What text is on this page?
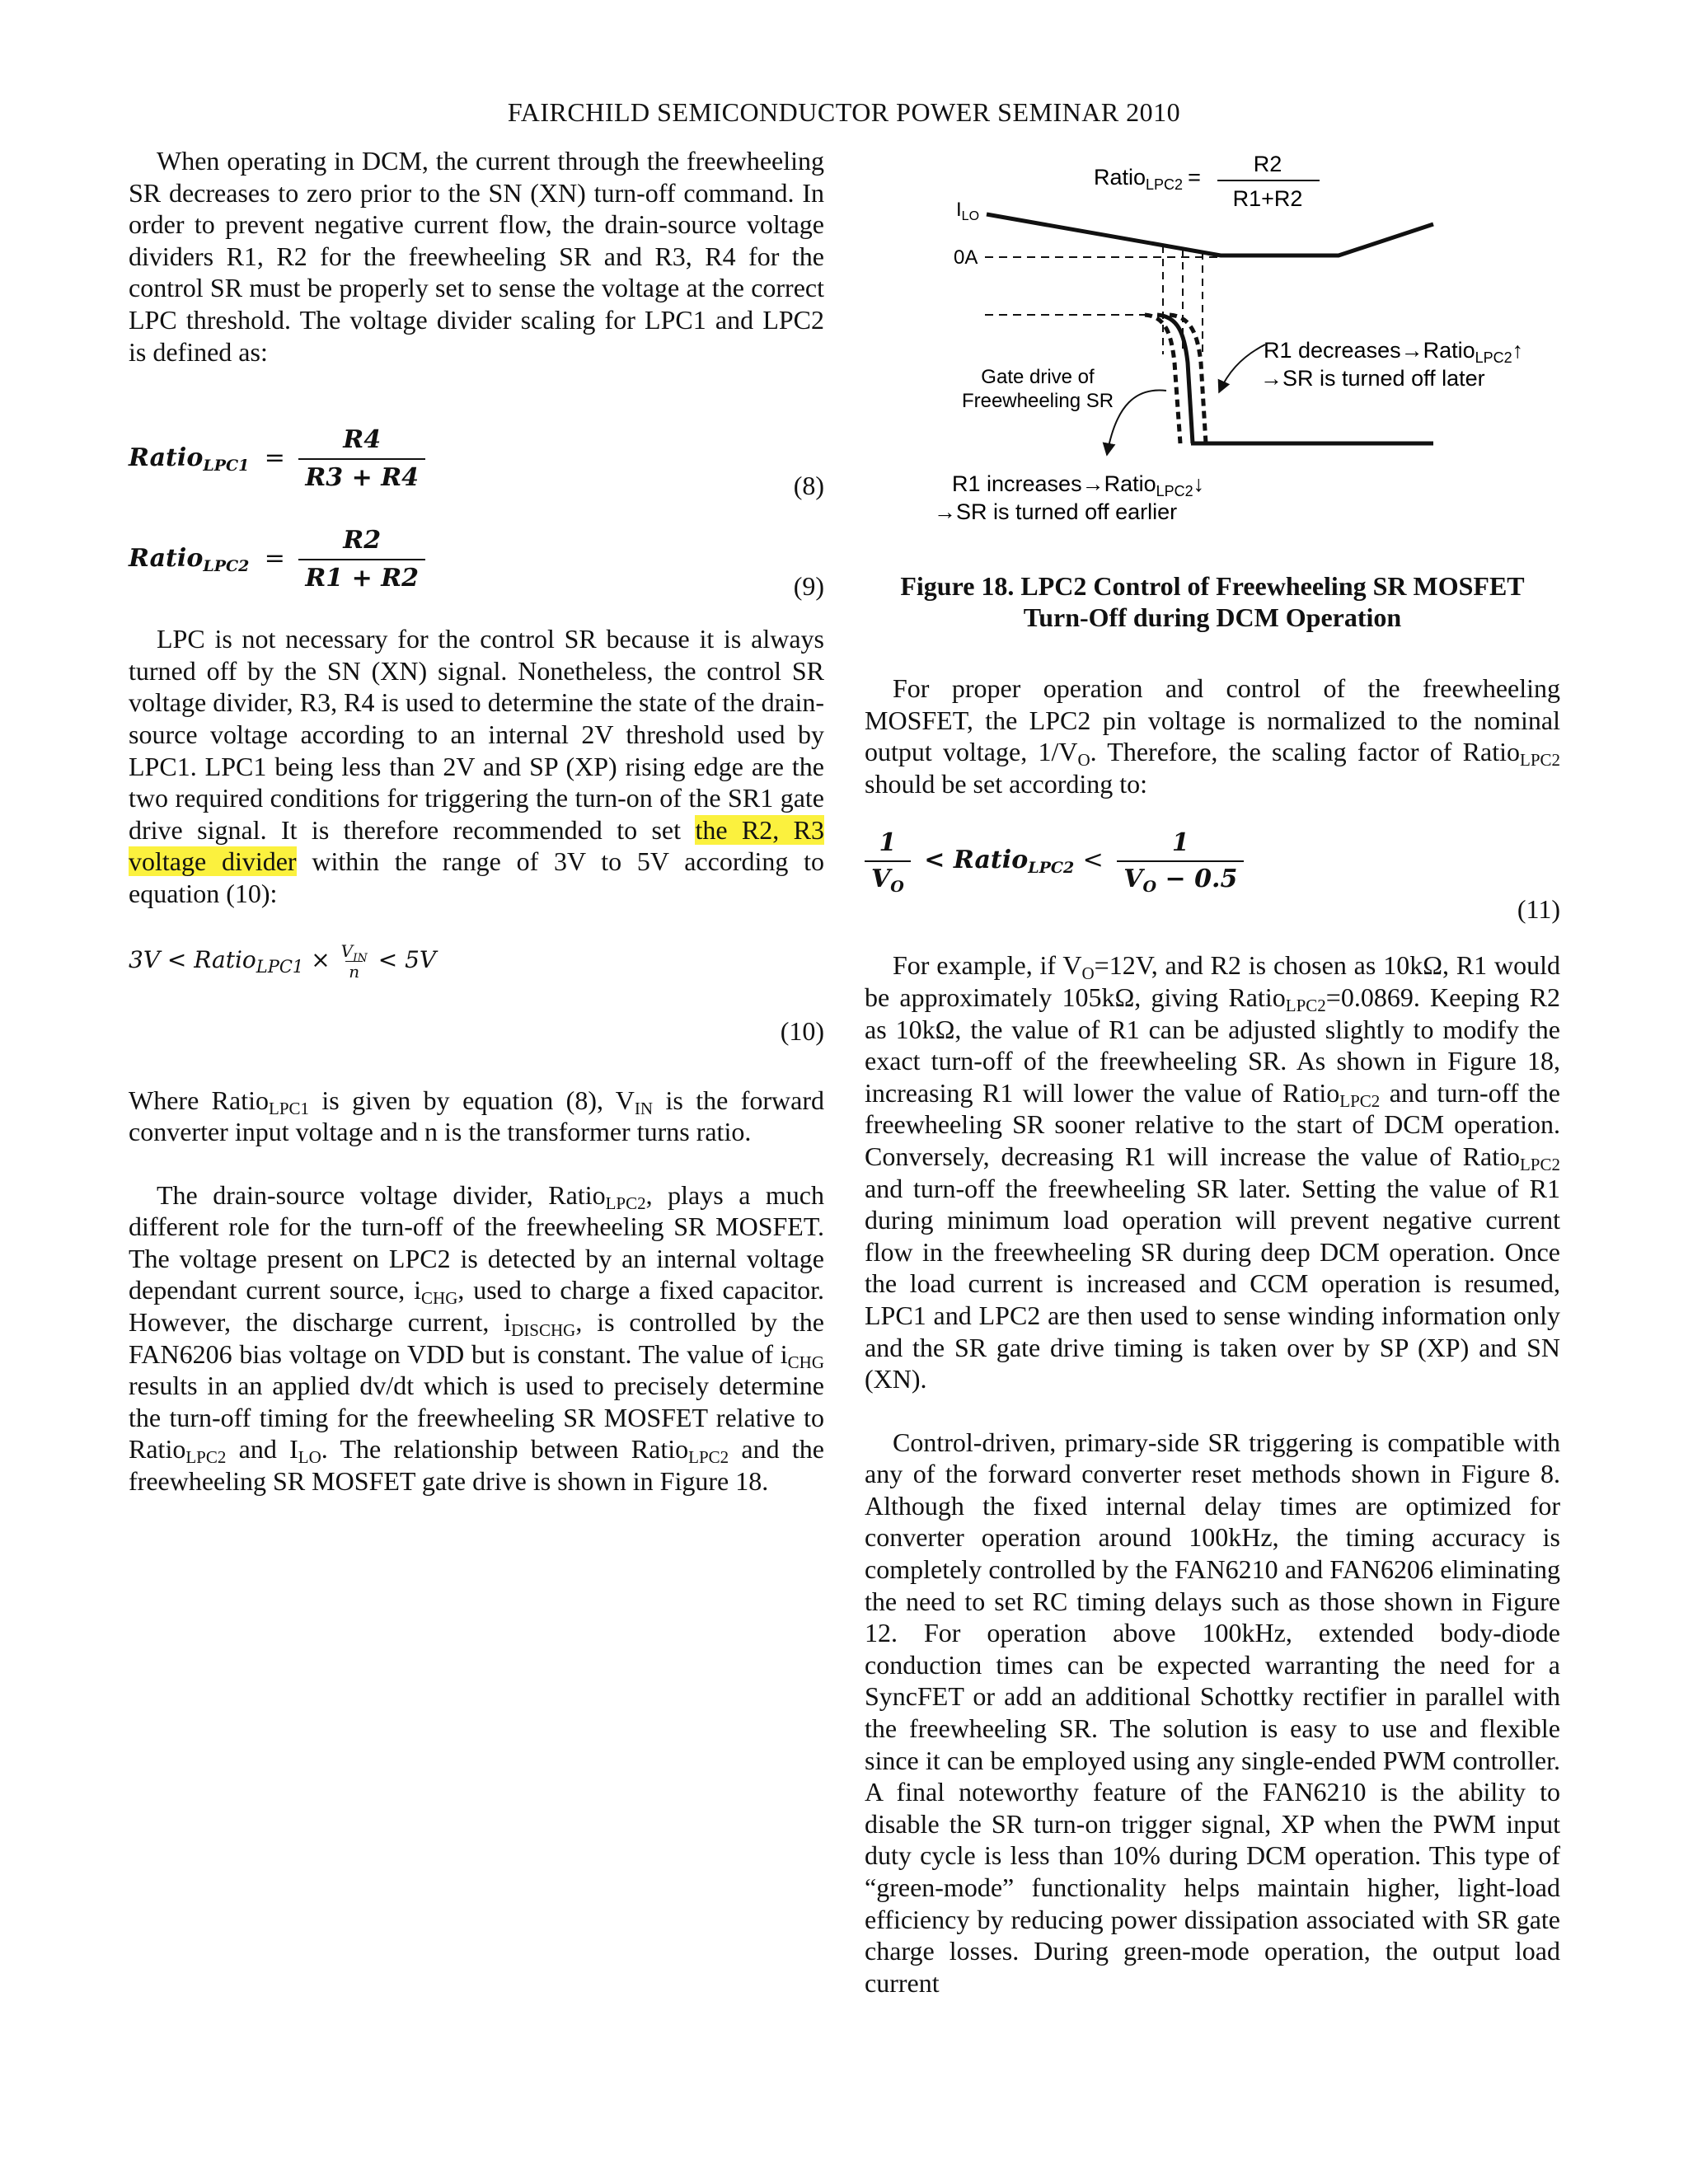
FAIRCHILD SEMICONDUCTOR POWER SEMINAR 2010

When operating in DCM, the current through the freewheeling SR decreases to zero prior to the SN (XN) turn-off command. In order to prevent negative current flow, the drain-source voltage dividers R1, R2 for the freewheeling SR and R3, R4 for the control SR must be properly set to sense the voltage at the correct LPC threshold. The voltage divider scaling for LPC1 and LPC2 is defined as:

Ratio$_{LPC1}$ = $\frac{R4}{R3 + R4}$	(8)
Ratio$_{LPC2}$ = $\frac{R2}{R1 + R2}$	(9)

LPC is not necessary for the control SR because it is always turned off by the SN (XN) signal. Nonetheless, the control SR voltage divider, R3, R4 is used to determine the state of the drain-source voltage according to an internal 2V threshold used by LPC1. LPC1 being less than 2V and SP (XP) rising edge are the two required conditions for triggering the turn-on of the SR1 gate drive signal. It is therefore recommended to set the R2, R3 voltage divider within the range of 3V to 5V according to equation (10):

3V < Ratio$_{LPC1}$ × $\frac{V_{IN}}{n} < 5V$
(10)

Where Ratio$_{LPC1}$ is given by equation (8), $V_{IN}$ is the forward converter input voltage and n is the transformer turns ratio.

The drain-source voltage divider, Ratio$_{LPC2}$, plays a much different role for the turn-off of the freewheeling SR MOSFET. The voltage present on LPC2 is detected by an internal voltage dependant current source, $i_{CHG}$, used to charge a fixed capacitor. However, the discharge current, $i_{DISCHG}$, is controlled by the FAN6206 bias voltage on VDD but is constant. The value of $i_{CHG}$ results in an applied dv/dt which is used to precisely determine the turn-off timing for the freewheeling SR MOSFET relative to Ratio$_{LPC2}$ and $I_{LO}$. The relationship between Ratio$_{LPC2}$ and the freewheeling SR MOSFET gate drive is shown in Figure 18.

Ratio$_{LPC2}$ =
R2
R1+R2
$I_{LO}$
0A
Gate drive of
Freewheeling SR
R1 decreases→Ratio$_{LPC2}$↑
→SR is turned off later
R1 increases→Ratio$_{LPC2}$↓
→SR is turned off earlier
Figure 18. LPC2 Control of Freewheeling SR MOSFET
Turn-Off during DCM Operation

For proper operation and control of the freewheeling MOSFET, the LPC2 pin voltage is normalized to the nominal output voltage, $1/V_O$. Therefore, the scaling factor of Ratio$_{LPC2}$ should be set according to:

$\frac{1}{V_O}$ < Ratio$_{LPC2}$ < $\frac{1}{V_O - 0.5}$
(11)

For example, if $V_O=12V$, and R2 is chosen as 10kΩ, R1 would be approximately 105kΩ, giving Ratio$_{LPC2}$=0.0869. Keeping R2 as 10kΩ, the value of R1 can be adjusted slightly to modify the exact turn-off of the freewheeling SR. As shown in Figure 18, increasing R1 will lower the value of Ratio$_{LPC2}$ and turn-off the freewheeling SR sooner relative to the start of DCM operation. Conversely, decreasing R1 will increase the value of Ratio$_{LPC2}$ and turn-off the freewheeling SR later. Setting the value of R1 during minimum load operation will prevent negative current flow in the freewheeling SR during deep DCM operation. Once the load current is increased and CCM operation is resumed, LPC1 and LPC2 are then used to sense winding information only and the SR gate drive timing is taken over by SP (XP) and SN (XN).

Control-driven, primary-side SR triggering is compatible with any of the forward converter reset methods shown in Figure 8. Although the fixed internal delay times are optimized for converter operation around 100kHz, the timing accuracy is completely controlled by the FAN6210 and FAN6206 eliminating the need to set RC timing delays such as those shown in Figure 12. For operation above 100kHz, extended body-diode conduction times can be expected warranting the need for a SyncFET or add an additional Schottky rectifier in parallel with the freewheeling SR. The solution is easy to use and flexible since it can be employed using any single-ended PWM controller. A final noteworthy feature of the FAN6210 is the ability to disable the SR turn-on trigger signal, XP when the PWM input duty cycle is less than 10% during DCM operation. This type of “green-mode” functionality helps maintain higher, light-load efficiency by reducing power dissipation associated with SR gate charge losses. During green-mode operation, the output load current
